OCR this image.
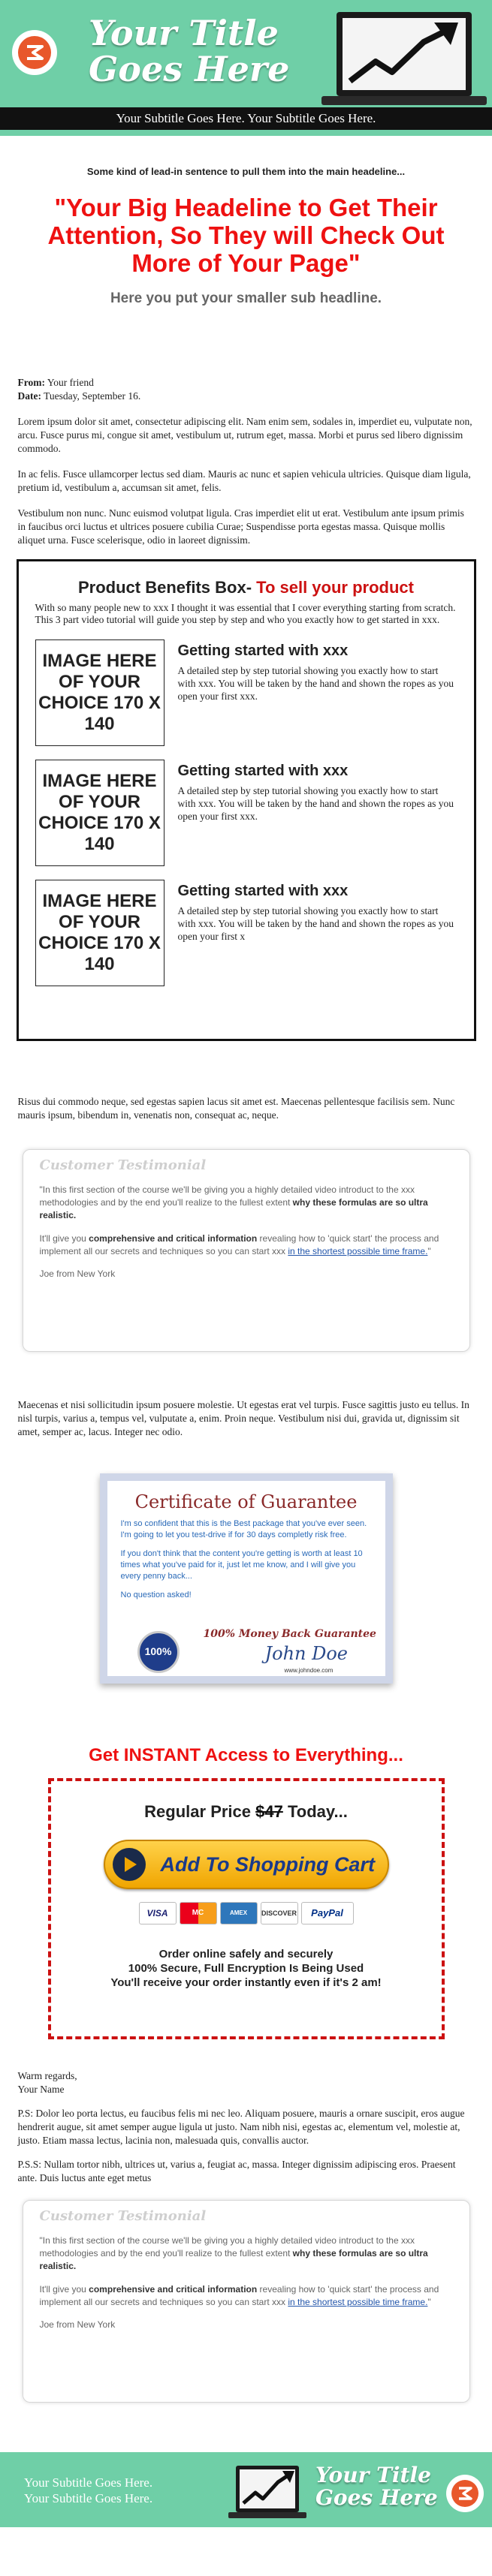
Your Title
Goes Here
Your Subtitle Goes Here. Your Subtitle Goes Here.
Some kind of lead-in sentence to pull them into the main headeline...
"Your Big Headeline to Get Their Attention, So They will Check Out More of Your Page"
Here you put your smaller sub headline.
From: Your friend
Date: Tuesday, September 16.

Lorem ipsum dolor sit amet, consectetur adipiscing elit. Nam enim sem, sodales in, imperdiet eu, vulputate non, arcu. Fusce purus mi, congue sit amet, vestibulum ut, rutrum eget, massa. Morbi et purus sed libero dignissim commodo.

In ac felis. Fusce ullamcorper lectus sed diam. Mauris ac nunc et sapien vehicula ultricies. Quisque diam ligula, pretium id, vestibulum a, accumsan sit amet, felis.

Vestibulum non nunc. Nunc euismod volutpat ligula. Cras imperdiet elit ut erat. Vestibulum ante ipsum primis in faucibus orci luctus et ultrices posuere cubilia Curae; Suspendisse porta egestas massa. Quisque mollis aliquet urna. Fusce scelerisque, odio in laoreet dignissim.

Product Benefits Box- To sell your product
With so many people new to xxx I thought it was essential that I cover everything starting from scratch. This 3 part video tutorial will guide you step by step and who you exactly how to get started in xxx.
IMAGE HERE OF YOUR CHOICE 170 X 140
Getting started with xxx
A detailed step by step tutorial showing you exactly how to start with xxx. You will be taken by the hand and shown the ropes as you open your first xxx.
IMAGE HERE OF YOUR CHOICE 170 X 140
Getting started with xxx
A detailed step by step tutorial showing you exactly how to start with xxx. You will be taken by the hand and shown the ropes as you open your first xxx.
IMAGE HERE OF YOUR CHOICE 170 X 140
Getting started with xxx
A detailed step by step tutorial showing you exactly how to start with xxx. You will be taken by the hand and shown the ropes as you open your first x
Risus dui commodo neque, sed egestas sapien lacus sit amet est. Maecenas pellentesque facilisis sem. Nunc mauris ipsum, bibendum in, venenatis non, consequat ac, neque.
Customer Testimonial

"In this first section of the course we'll be giving you a highly detailed video introduct to the xxx methodologies and by the end you'll realize to the fullest extent why these formulas are so ultra realistic.

It'll give you comprehensive and critical information revealing how to 'quick start' the process and implement all our secrets and techniques so you can start xxx in the shortest possible time frame."

Joe from New York
Maecenas et nisi sollicitudin ipsum posuere molestie. Ut egestas erat vel turpis. Fusce sagittis justo eu tellus. In nisl turpis, varius a, tempus vel, vulputate a, enim. Proin neque. Vestibulum nisi dui, gravida ut, dignissim sit amet, semper ac, lacus. Integer nec odio.
Certificate of Guarantee

I'm so confident that this is the Best package that you've ever seen. I'm going to let you test-drive if for 30 days completly risk free.

If you don't think that the content you're getting is worth at least 10 times what you've paid for it, just let me know, and I will give you every penny back...

No question asked!

100% Money Back Guarantee
100%	John Doe
www.johndoe.com
Get INSTANT Access to Everything...
Regular Price $47 Today...
Add To Shopping Cart
VISA	MC	AMEX	DISCOVER	PayPal
Order online safely and securely
100% Secure, Full Encryption Is Being Used
You'll receive your order instantly even if it's 2 am!

Warm regards,
Your Name

P.S: Dolor leo porta lectus, eu faucibus felis mi nec leo. Aliquam posuere, mauris a ornare suscipit, eros augue hendrerit augue, sit amet semper augue ligula ut justo. Nam nibh nisi, egestas ac, elementum vel, molestie at, justo. Etiam massa lectus, lacinia non, malesuada quis, convallis auctor.

P.S.S: Nullam tortor nibh, ultrices ut, varius a, feugiat ac, massa. Integer dignissim adipiscing eros. Praesent ante. Duis luctus ante eget metus

Customer Testimonial

"In this first section of the course we'll be giving you a highly detailed video introduct to the xxx methodologies and by the end you'll realize to the fullest extent why these formulas are so ultra realistic.

It'll give you comprehensive and critical information revealing how to 'quick start' the process and implement all our secrets and techniques so you can start xxx in the shortest possible time frame."

Joe from New York
Your Subtitle Goes Here.
Your Subtitle Goes Here.
Your Title
Goes Here
